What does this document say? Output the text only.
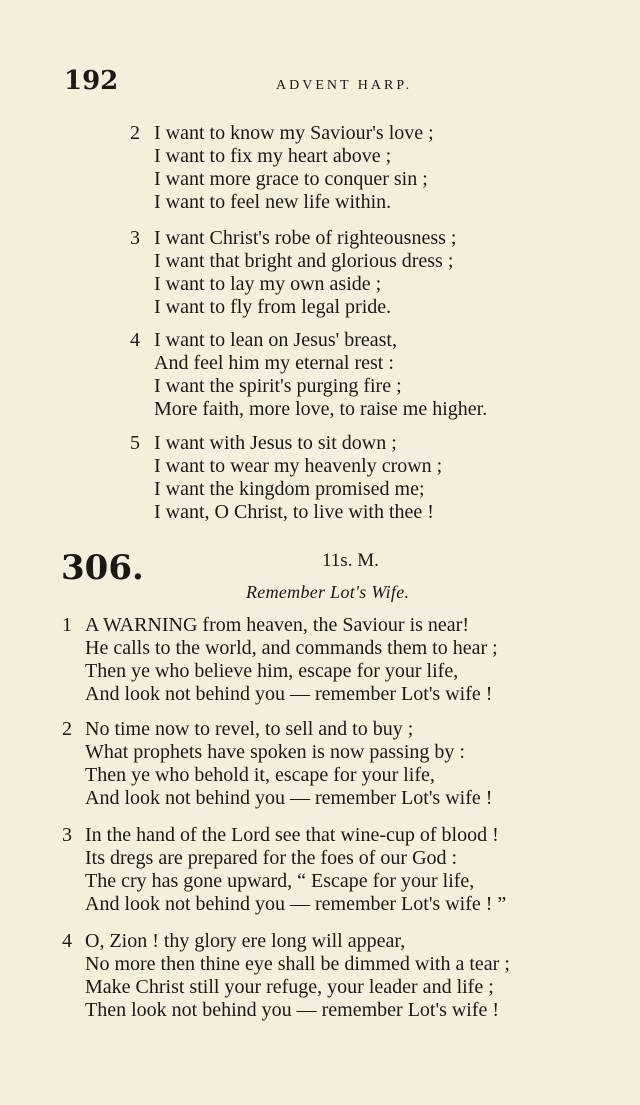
192	ADVENT HARP.
2 I want to know my Saviour's love ;
I want to fix my heart above ;
I want more grace to conquer sin ;
I want to feel new life within.
3 I want Christ's robe of righteousness ;
I want that bright and glorious dress ;
I want to lay my own aside ;
I want to fly from legal pride.
4 I want to lean on Jesus' breast,
And feel him my eternal rest :
I want the spirit's purging fire ;
More faith, more love, to raise me higher.
5 I want with Jesus to sit down ;
I want to wear my heavenly crown ;
I want the kingdom promised me;
I want, O Christ, to live with thee !
306.	11s. M.
Remember Lot's Wife.
1 A WARNING from heaven, the Saviour is near!
He calls to the world, and commands them to hear ;
Then ye who believe him, escape for your life,
And look not behind you — remember Lot's wife !
2 No time now to revel, to sell and to buy ;
What prophets have spoken is now passing by :
Then ye who behold it, escape for your life,
And look not behind you — remember Lot's wife !
3 In the hand of the Lord see that wine-cup of blood !
Its dregs are prepared for the foes of our God :
The cry has gone upward, “ Escape for your life,
And look not behind you — remember Lot's wife ! ”
4 O, Zion ! thy glory ere long will appear,
No more then thine eye shall be dimmed with a tear ;
Make Christ still your refuge, your leader and life ;
Then look not behind you — remember Lot's wife !
